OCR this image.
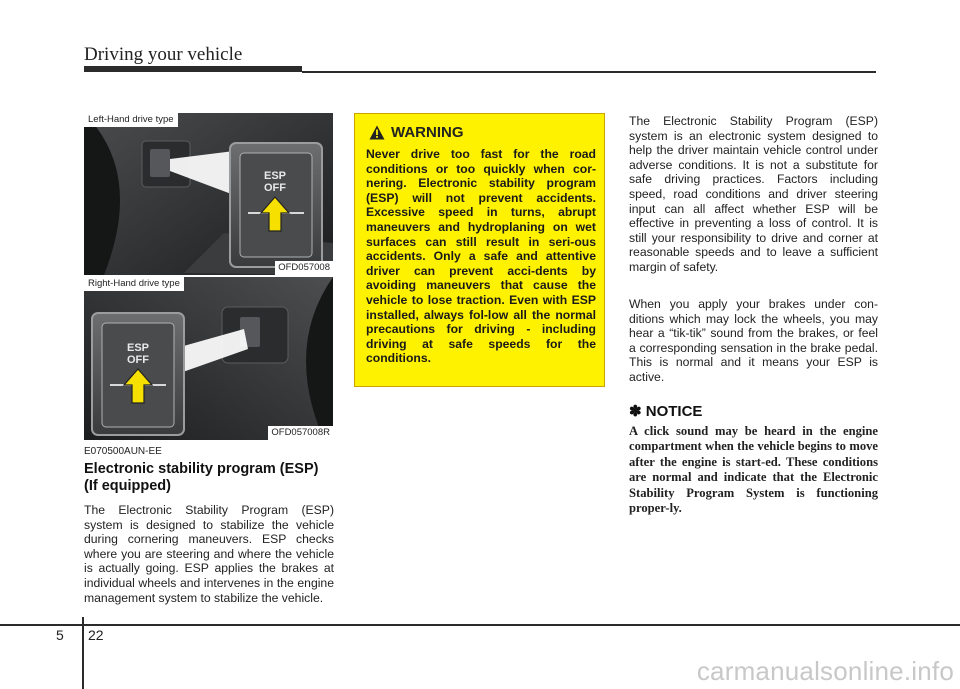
Driving your vehicle
ESP
OFF
Left-Hand drive type
OFD057008
ESP
OFF
Right-Hand drive type
OFD057008R
E070500AUN-EE
Electronic stability program (ESP) (If equipped)
The Electronic Stability Program (ESP) system is designed to stabilize the vehicle during cornering maneuvers. ESP checks where you are steering and where the vehicle is actually going. ESP applies the brakes at individual wheels and intervenes in the engine management system to stabilize the vehicle.
WARNING
Never drive too fast for the road conditions or too quickly when cor-nering. Electronic stability program (ESP) will not prevent accidents. Excessive speed in turns, abrupt maneuvers and hydroplaning on wet surfaces can still result in seri-ous accidents. Only a safe and attentive driver can prevent acci-dents by avoiding maneuvers that cause the vehicle to lose traction. Even with ESP installed, always fol-low all the normal precautions for driving - including driving at safe speeds for the conditions.
The Electronic Stability Program (ESP) system is an electronic system designed to help the driver maintain vehicle control under adverse conditions. It is not a substitute for safe driving practices. Factors including speed, road conditions and driver steering input can all affect whether ESP will be effective in preventing a loss of control. It is still your responsibility to drive and corner at reasonable speeds and to leave a sufficient margin of safety.
When you apply your brakes under con-ditions which may lock the wheels, you may hear a “tik-tik” sound from the brakes, or feel a corresponding sensation in the brake pedal. This is normal and it means your ESP is active.
✽ NOTICE
A click sound may be heard in the engine compartment when the vehicle begins to move after the engine is start-ed. These conditions are normal and indicate that the Electronic Stability Program System is functioning proper-ly.
5 22
carmanualsonline.info
